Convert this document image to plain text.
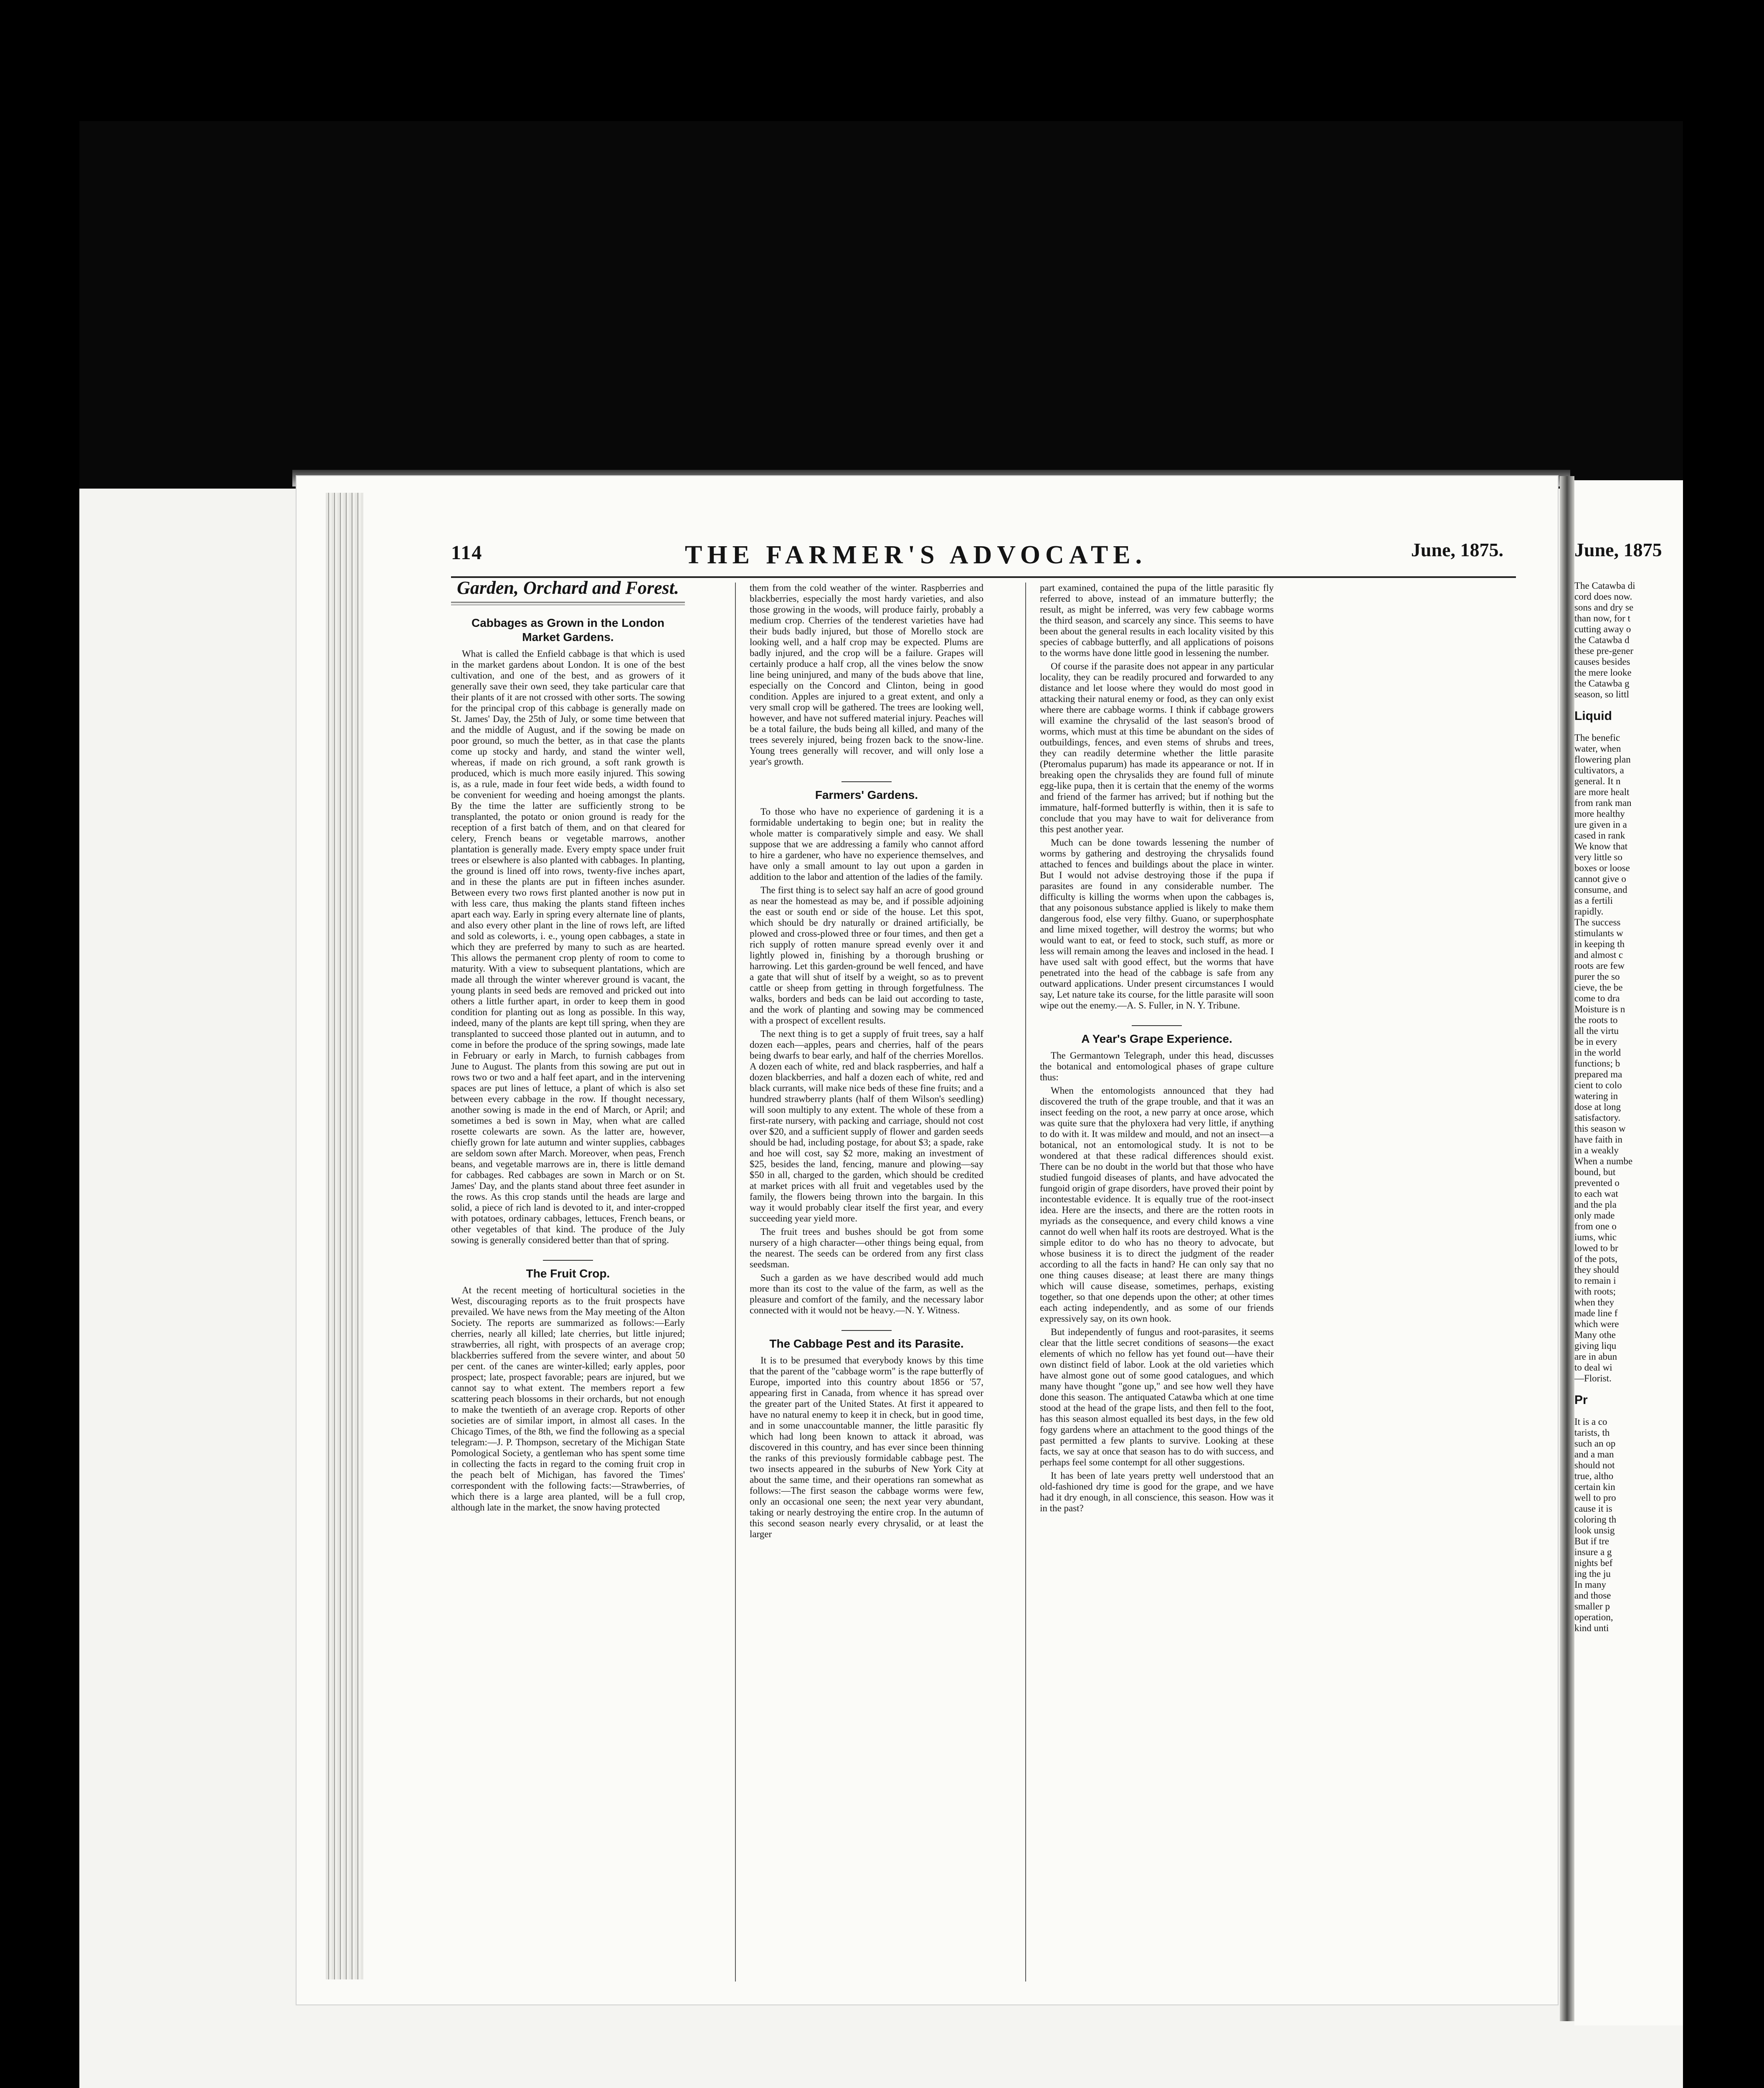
114	THE FARMER'S ADVOCATE.	June, 1875.
Garden, Orchard and Forest.
Cabbages as Grown in the London Market Gardens.

What is called the Enfield cabbage is that which is used in the market gardens about London. It is one of the best cultivation, and one of the best, and as growers of it generally save their own seed, they take particular care that their plants of it are not crossed with other sorts. The sowing for the principal crop of this cabbage is generally made on St. James' Day, the 25th of July, or some time between that and the middle of August, and if the sowing be made on poor ground, so much the better, as in that case the plants come up stocky and hardy, and stand the winter well, whereas, if made on rich ground, a soft rank growth is produced, which is much more easily injured. This sowing is, as a rule, made in four feet wide beds, a width found to be convenient for weeding and hoeing amongst the plants. By the time the latter are sufficiently strong to be transplanted, the potato or onion ground is ready for the reception of a first batch of them, and on that cleared for celery, French beans or vegetable marrows, another plantation is generally made. Every empty space under fruit trees or elsewhere is also planted with cabbages. In planting, the ground is lined off into rows, twenty-five inches apart, and in these the plants are put in fifteen inches asunder. Between every two rows first planted another is now put in with less care, thus making the plants stand fifteen inches apart each way. Early in spring every alternate line of plants, and also every other plant in the line of rows left, are lifted and sold as coleworts, i. e., young open cabbages, a state in which they are preferred by many to such as are hearted. This allows the permanent crop plenty of room to come to maturity. With a view to subsequent plantations, which are made all through the winter wherever ground is vacant, the young plants in seed beds are removed and pricked out into others a little further apart, in order to keep them in good condition for planting out as long as possible. In this way, indeed, many of the plants are kept till spring, when they are transplanted to succeed those planted out in autumn, and to come in before the produce of the spring sowings, made late in February or early in March, to furnish cabbages from June to August. The plants from this sowing are put out in rows two or two and a half feet apart, and in the intervening spaces are put lines of lettuce, a plant of which is also set between every cabbage in the row. If thought necessary, another sowing is made in the end of March, or April; and sometimes a bed is sown in May, when what are called rosette colewarts are sown. As the latter are, however, chiefly grown for late autumn and winter supplies, cabbages are seldom sown after March. Moreover, when peas, French beans, and vegetable marrows are in, there is little demand for cabbages. Red cabbages are sown in March or on St. James' Day, and the plants stand about three feet asunder in the rows. As this crop stands until the heads are large and solid, a piece of rich land is devoted to it, and inter-cropped with potatoes, ordinary cabbages, lettuces, French beans, or other vegetables of that kind. The produce of the July sowing is generally considered better than that of spring.

The Fruit Crop.

At the recent meeting of horticultural societies in the West, discouraging reports as to the fruit prospects have prevailed. We have news from the May meeting of the Alton Society. The reports are summarized as follows:—Early cherries, nearly all killed; late cherries, but little injured; strawberries, all right, with prospects of an average crop; blackberries suffered from the severe winter, and about 50 per cent. of the canes are winter-killed; early apples, poor prospect; late, prospect favorable; pears are injured, but we cannot say to what extent. The members report a few scattering peach blossoms in their orchards, but not enough to make the twentieth of an average crop. Reports of other societies are of similar import, in almost all cases. In the Chicago Times, of the 8th, we find the following as a special telegram:—J. P. Thompson, secretary of the Michigan State Pomological Society, a gentleman who has spent some time in collecting the facts in regard to the coming fruit crop in the peach belt of Michigan, has favored the Times' correspondent with the following facts:—Strawberries, of which there is a large area planted, will be a full crop, although late in the market, the snow having protected

them from the cold weather of the winter. Raspberries and blackberries, especially the most hardy varieties, and also those growing in the woods, will produce fairly, probably a medium crop. Cherries of the tenderest varieties have had their buds badly injured, but those of Morello stock are looking well, and a half crop may be expected. Plums are badly injured, and the crop will be a failure. Grapes will certainly produce a half crop, all the vines below the snow line being uninjured, and many of the buds above that line, especially on the Concord and Clinton, being in good condition. Apples are injured to a great extent, and only a very small crop will be gathered. The trees are looking well, however, and have not suffered material injury. Peaches will be a total failure, the buds being all killed, and many of the trees severely injured, being frozen back to the snow-line. Young trees generally will recover, and will only lose a year's growth.

Farmers' Gardens.

To those who have no experience of gardening it is a formidable undertaking to begin one; but in reality the whole matter is comparatively simple and easy. We shall suppose that we are addressing a family who cannot afford to hire a gardener, who have no experience themselves, and have only a small amount to lay out upon a garden in addition to the labor and attention of the ladies of the family.

The first thing is to select say half an acre of good ground as near the homestead as may be, and if possible adjoining the east or south end or side of the house. Let this spot, which should be dry naturally or drained artificially, be plowed and cross-plowed three or four times, and then get a rich supply of rotten manure spread evenly over it and lightly plowed in, finishing by a thorough brushing or harrowing. Let this garden-ground be well fenced, and have a gate that will shut of itself by a weight, so as to prevent cattle or sheep from getting in through forgetfulness. The walks, borders and beds can be laid out according to taste, and the work of planting and sowing may be commenced with a prospect of excellent results.

The next thing is to get a supply of fruit trees, say a half dozen each—apples, pears and cherries, half of the pears being dwarfs to bear early, and half of the cherries Morellos. A dozen each of white, red and black raspberries, and half a dozen blackberries, and half a dozen each of white, red and black currants, will make nice beds of these fine fruits; and a hundred strawberry plants (half of them Wilson's seedling) will soon multiply to any extent. The whole of these from a first-rate nursery, with packing and carriage, should not cost over $20, and a sufficient supply of flower and garden seeds should be had, including postage, for about $3; a spade, rake and hoe will cost, say $2 more, making an investment of $25, besides the land, fencing, manure and plowing—say $50 in all, charged to the garden, which should be credited at market prices with all fruit and vegetables used by the family, the flowers being thrown into the bargain. In this way it would probably clear itself the first year, and every succeeding year yield more.

The fruit trees and bushes should be got from some nursery of a high character—other things being equal, from the nearest. The seeds can be ordered from any first class seedsman.

Such a garden as we have described would add much more than its cost to the value of the farm, as well as the pleasure and comfort of the family, and the necessary labor connected with it would not be heavy.—N. Y. Witness.

The Cabbage Pest and its Parasite.

It is to be presumed that everybody knows by this time that the parent of the "cabbage worm" is the rape butterfly of Europe, imported into this country about 1856 or '57, appearing first in Canada, from whence it has spread over the greater part of the United States. At first it appeared to have no natural enemy to keep it in check, but in good time, and in some unaccountable manner, the little parasitic fly which had long been known to attack it abroad, was discovered in this country, and has ever since been thinning the ranks of this previously formidable cabbage pest. The two insects appeared in the suburbs of New York City at about the same time, and their operations ran somewhat as follows:—The first season the cabbage worms were few, only an occasional one seen; the next year very abundant, taking or nearly destroying the entire crop. In the autumn of this second season nearly every chrysalid, or at least the larger

part examined, contained the pupa of the little parasitic fly referred to above, instead of an immature butterfly; the result, as might be inferred, was very few cabbage worms the third season, and scarcely any since. This seems to have been about the general results in each locality visited by this species of cabbage butterfly, and all applications of poisons to the worms have done little good in lessening the number.

Of course if the parasite does not appear in any particular locality, they can be readily procured and forwarded to any distance and let loose where they would do most good in attacking their natural enemy or food, as they can only exist where there are cabbage worms. I think if cabbage growers will examine the chrysalid of the last season's brood of worms, which must at this time be abundant on the sides of outbuildings, fences, and even stems of shrubs and trees, they can readily determine whether the little parasite (Pteromalus puparum) has made its appearance or not. If in breaking open the chrysalids they are found full of minute egg-like pupa, then it is certain that the enemy of the worms and friend of the farmer has arrived; but if nothing but the immature, half-formed butterfly is within, then it is safe to conclude that you may have to wait for deliverance from this pest another year.

Much can be done towards lessening the number of worms by gathering and destroying the chrysalids found attached to fences and buildings about the place in winter. But I would not advise destroying those if the pupa if parasites are found in any considerable number. The difficulty is killing the worms when upon the cabbages is, that any poisonous substance applied is likely to make them dangerous food, else very filthy. Guano, or superphosphate and lime mixed together, will destroy the worms; but who would want to eat, or feed to stock, such stuff, as more or less will remain among the leaves and inclosed in the head. I have used salt with good effect, but the worms that have penetrated into the head of the cabbage is safe from any outward applications. Under present circumstances I would say, Let nature take its course, for the little parasite will soon wipe out the enemy.—A. S. Fuller, in N. Y. Tribune.

A Year's Grape Experience.

The Germantown Telegraph, under this head, discusses the botanical and entomological phases of grape culture thus:

When the entomologists announced that they had discovered the truth of the grape trouble, and that it was an insect feeding on the root, a new parry at once arose, which was quite sure that the phyloxera had very little, if anything to do with it. It was mildew and mould, and not an insect—a botanical, not an entomological study. It is not to be wondered at that these radical differences should exist. There can be no doubt in the world but that those who have studied fungoid diseases of plants, and have advocated the fungoid origin of grape disorders, have proved their point by incontestable evidence. It is equally true of the root-insect idea. Here are the insects, and there are the rotten roots in myriads as the consequence, and every child knows a vine cannot do well when half its roots are destroyed. What is the simple editor to do who has no theory to advocate, but whose business it is to direct the judgment of the reader according to all the facts in hand? He can only say that no one thing causes disease; at least there are many things which will cause disease, sometimes, perhaps, existing together, so that one depends upon the other; at other times each acting independently, and as some of our friends expressively say, on its own hook.

But independently of fungus and root-parasites, it seems clear that the little secret conditions of seasons—the exact elements of which no fellow has yet found out—have their own distinct field of labor. Look at the old varieties which have almost gone out of some good catalogues, and which many have thought "gone up," and see how well they have done this season. The antiquated Catawba which at one time stood at the head of the grape lists, and then fell to the foot, has this season almost equalled its best days, in the few old fogy gardens where an attachment to the good things of the past permitted a few plants to survive. Looking at these facts, we say at once that season has to do with success, and perhaps feel some contempt for all other suggestions.

It has been of late years pretty well understood that an old-fashioned dry time is good for the grape, and we have had it dry enough, in all conscience, this season. How was it in the past?

June, 1875
The Catawba di
cord does now.
sons and dry se
than now, for t
cutting away o
the Catawba d
these pre-gener
causes besides
the mere looke
the Catawba g
season, so littl
Liquid
The benefic
water, when
flowering plan
cultivators, a
general. It n
are more healt
from rank man
more healthy
ure given in a
cased in rank
We know that
very little so
boxes or loose
cannot give o
consume, and
as a fertili
rapidly.
The success
stimulants w
in keeping th
and almost c
roots are few
purer the so
cieve, the be
come to dra
Moisture is n
the roots to
all the virtu
be in every
in the world
functions; b
prepared ma
cient to colo
watering in
dose at long
satisfactory.
this season w
have faith in
in a weakly
When a numbe
bound, but
prevented o
to each wat
and the pla
only made
from one o
iums, whic
lowed to br
of the pots,
they should
to remain i
with roots;
when they
made line f
which were
Many othe
giving liqu
are in abun
to deal wi
—Florist.
Pr
It is a co
tarists, th
such an op
and a man
should not
true, altho
certain kin
well to pro
cause it is
coloring th
look unsig
But if tre
insure a g
nights bef
ing the ju
In many
and those
smaller p
operation,
kind unti
